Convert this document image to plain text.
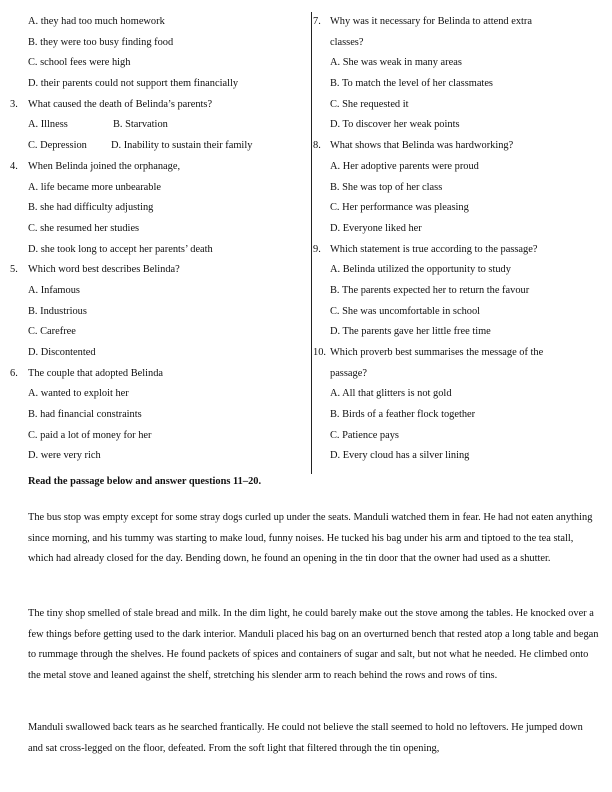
A. they had too much homework
B. they were too busy finding food
C. school fees were high
D. their parents could not support them financially
3. What caused the death of Belinda’s parents?
A. Illness	B. Starvation
C. Depression D. Inability to sustain their family
4. When Belinda joined the orphanage,
A. life became more unbearable
B. she had difficulty adjusting
C. she resumed her studies
D. she took long to accept her parents’ death
5. Which word best describes Belinda?
A. Infamous
B. Industrious
C. Carefree
D. Discontented
6. The couple that adopted Belinda
A. wanted to exploit her
B. had financial constraints
C. paid a lot of money for her
D. were very rich
7. Why was it necessary for Belinda to attend extra
classes?
A. She was weak in many areas
B. To match the level of her classmates
C. She requested it
D. To discover her weak points
8. What shows that Belinda was hardworking?
A. Her adoptive parents were proud
B. She was top of her class
C. Her performance was pleasing
D. Everyone liked her
9. Which statement is true according to the passage?
A. Belinda utilized the opportunity to study
B. The parents expected her to return the favour
C. She was uncomfortable in school
D. The parents gave her little free time
10. Which proverb best summarises the message of the
passage?
A. All that glitters is not gold
B. Birds of a feather flock together
C. Patience pays
D. Every cloud has a silver lining
Read the passage below and answer questions 11–20.

The bus stop was empty except for some stray dogs curled up under the seats. Manduli watched them in fear. He had not eaten anything since morning, and his tummy was starting to make loud, funny noises. He tucked his bag under his arm and tiptoed to the tea stall, which had already closed for the day. Bending down, he found an opening in the tin door that the owner had used as a shutter.

The tiny shop smelled of stale bread and milk. In the dim light, he could barely make out the stove among the tables. He knocked over a few things before getting used to the dark interior. Manduli placed his bag on an overturned bench that rested atop a long table and began to rummage through the shelves. He found packets of spices and containers of sugar and salt, but not what he needed. He climbed onto the metal stove and leaned against the shelf, stretching his slender arm to reach behind the rows and rows of tins.

Manduli swallowed back tears as he searched frantically. He could not believe the stall seemed to hold no leftovers. He jumped down and sat cross-legged on the floor, defeated. From the soft light that filtered through the tin opening,
